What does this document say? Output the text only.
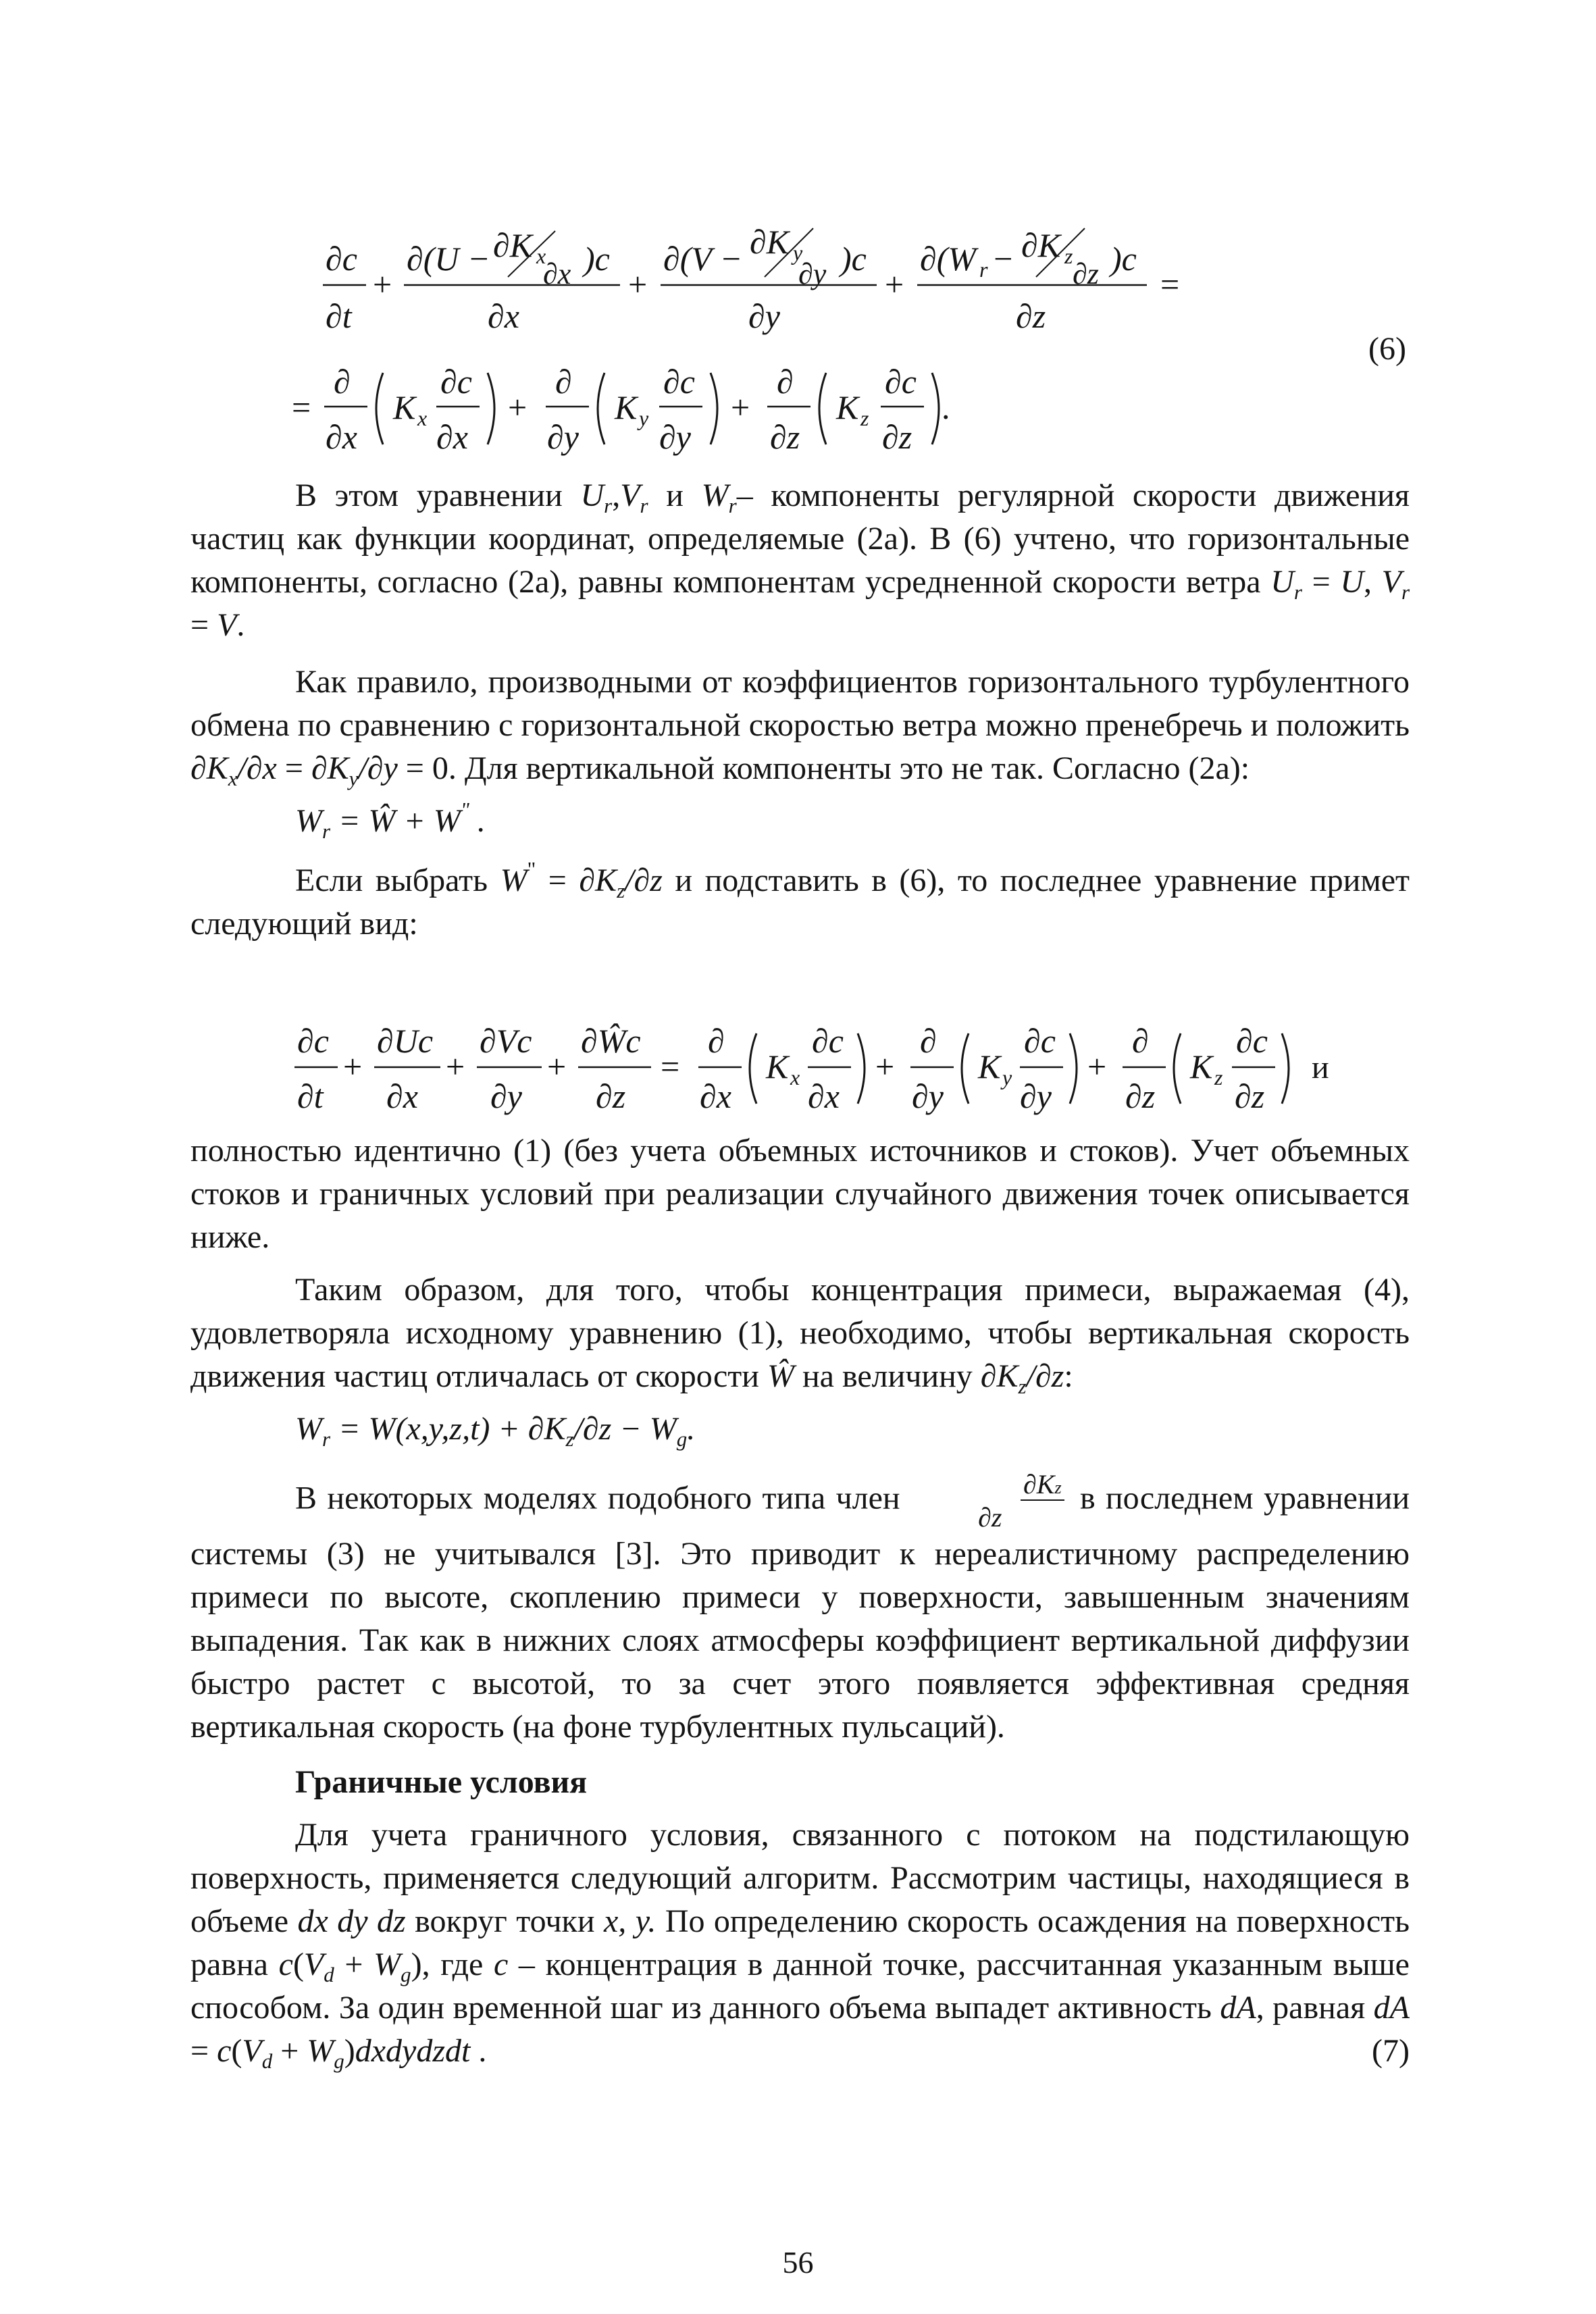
∂c
∂t
+
∂(U − ∂K x
∂x )c
∂x
+
∂(V − ∂K y
∂y )c
∂y
+
∂(W r − ∂K z
∂z )c
∂z
=
=
∂
∂x
K x
∂c
∂x
+
∂
∂y
K y
∂c
∂y
+
∂
∂z
K z
∂c
∂z
.
(6)

В этом уравнении $U_r,V_r$ и $W_r-$ компоненты регулярной скорости движения частиц как функции координат, определяемые (2а). В (6) учтено, что горизонтальные компоненты, согласно (2а), равны компонентам усредненной скорости ветра $U_r = U$, $V_r = V$.

Как правило, производными от коэффициентов горизонтального турбулентного обмена по сравнению с горизонтальной скоростью ветра можно пренебречь и положить $\partial K_x/\partial x = \partial K_y/\partial y = 0$. Для вертикальной компоненты это не так. Согласно (2а):

$W_r$ = Ŵ + W" .

Если выбрать $W^" = \partial K_z/\partial z$ и подставить в (6), то последнее уравнение примет следующий вид:

∂c
∂t
+
∂Uc
∂x
+
∂Vc
∂y
+
∂Ŵc
∂z
=
∂
∂x
K x
∂c
∂x
+
∂
∂y
K y
∂c
∂y
+
∂
∂z
K z
∂c
∂z
и

полностью идентично (1) (без учета объемных источников и стоков). Учет объемных стоков и граничных условий при реализации случайного движения точек описывается ниже.

Таким образом, для того, чтобы концентрация примеси, выражаемая (4), удовлетворяла исходному уравнению (1), необходимо, чтобы вертикальная скорость движения частиц отличалась от скорости Ŵ на величину $\partial K_z/\partial z$:

$W_r = W(x,y,z,t) + \partial K_z/\partial z - W_g$.

В некоторых моделях подобного типа член	∂Kz
∂z в последнем уравнении системы (3) не учитывался [3]. Это приводит к нереалистичному распределению примеси по высоте, скоплению примеси у поверхности, завышенным значениям выпадения. Так как в нижних слоях атмосферы коэффициент вертикальной диффузии быстро растет с высотой, то за счет этого появляется эффективная средняя вертикальная скорость (на фоне турбулентных пульсаций).

Граничные условия

Для учета граничного условия, связанного с потоком на подстилающую поверхность, применяется следующий алгоритм. Рассмотрим частицы, находящиеся в объеме dx dy dz вокруг точки x, y. По определению скорость осаждения на поверхность равна $c(V_d + W_g)$, где c – концентрация в данной точке, рассчитанная указанным выше способом. За один временной шаг из данного объема выпадет активность dA, равная dA = $c(V_d$ + $W_g)dxdydzdt$ .	(7)

56
